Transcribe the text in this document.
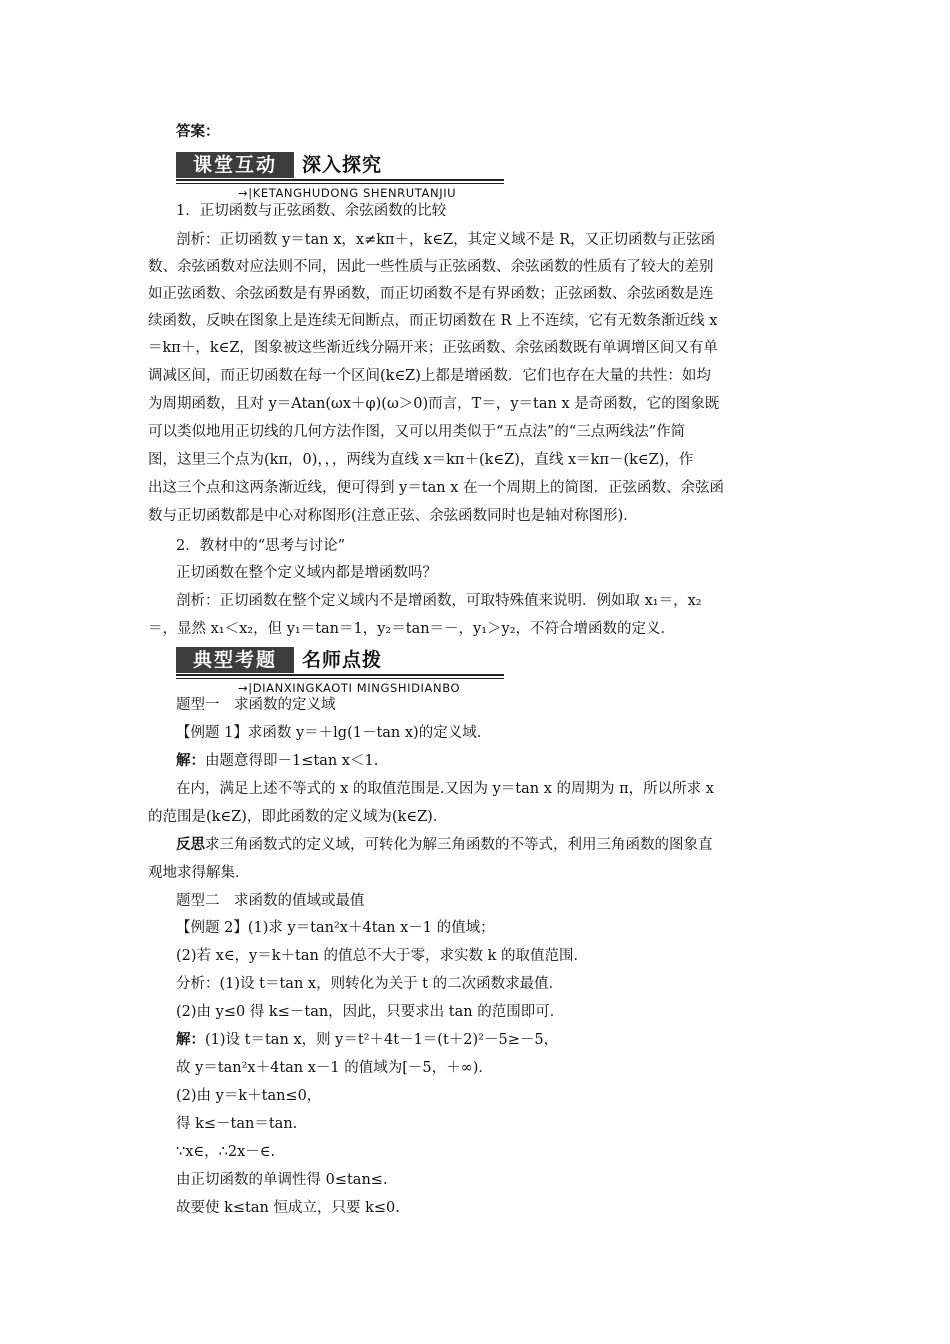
答案：
课堂互动	深入探究
→|KETANGHUDONG SHENRUTANJIU
1．正切函数与正弦函数、余弦函数的比较
剖析：正切函数 y＝tan x，x≠kπ＋，k∈Z，其定义域不是 R，又正切函数与正弦函
数、余弦函数对应法则不同，因此一些性质与正弦函数、余弦函数的性质有了较大的差别
如正弦函数、余弦函数是有界函数，而正切函数不是有界函数；正弦函数、余弦函数是连
续函数，反映在图象上是连续无间断点，而正切函数在 R 上不连续，它有无数条渐近线 x
＝kπ＋，k∈Z，图象被这些渐近线分隔开来；正弦函数、余弦函数既有单调增区间又有单
调减区间，而正切函数在每一个区间(k∈Z)上都是增函数．它们也存在大量的共性：如均
为周期函数，且对 y＝Atan(ωx＋φ)(ω＞0)而言，T＝，y＝tan x 是奇函数，它的图象既
可以类似地用正切线的几何方法作图，又可以用类似于“五点法”的“三点两线法”作简
图，这里三个点为(kπ，0)，，，两线为直线 x＝kπ＋(k∈Z)，直线 x＝kπ－(k∈Z)，作
出这三个点和这两条渐近线，便可得到 y＝tan x 在一个周期上的简图．正弦函数、余弦函
数与正切函数都是中心对称图形(注意正弦、余弦函数同时也是轴对称图形)．
2．教材中的“思考与讨论”
正切函数在整个定义域内都是增函数吗？
剖析：正切函数在整个定义域内不是增函数，可取特殊值来说明．例如取 x₁＝，x₂
＝，显然 x₁＜x₂，但 y₁＝tan＝1，y₂＝tan＝－，y₁＞y₂，不符合增函数的定义．
典型考题	名师点拨
→|DIANXINGKAOTI MINGSHIDIANBO
题型一　求函数的定义域
【例题 1】求函数 y＝＋lg(1－tan x)的定义域．
解：由题意得即－1≤tan x＜1.
在内，满足上述不等式的 x 的取值范围是.又因为 y＝tan x 的周期为 π，所以所求 x
的范围是(k∈Z)，即此函数的定义域为(k∈Z)．
反思求三角函数式的定义域，可转化为解三角函数的不等式，利用三角函数的图象直
观地求得解集．
题型二　求函数的值域或最值
【例题 2】(1)求 y＝tan²x＋4tan x－1 的值域；
(2)若 x∈，y＝k＋tan 的值总不大于零，求实数 k 的取值范围．
分析：(1)设 t＝tan x，则转化为关于 t 的二次函数求最值．
(2)由 y≤0 得 k≤－tan，因此，只要求出 tan 的范围即可．
解：(1)设 t＝tan x，则 y＝t²＋4t－1＝(t＋2)²－5≥－5，
故 y＝tan²x＋4tan x－1 的值域为[－5，＋∞)．
(2)由 y＝k＋tan≤0，
得 k≤－tan＝tan.
∵x∈，∴2x－∈.
由正切函数的单调性得 0≤tan≤.
故要使 k≤tan 恒成立，只要 k≤0.
